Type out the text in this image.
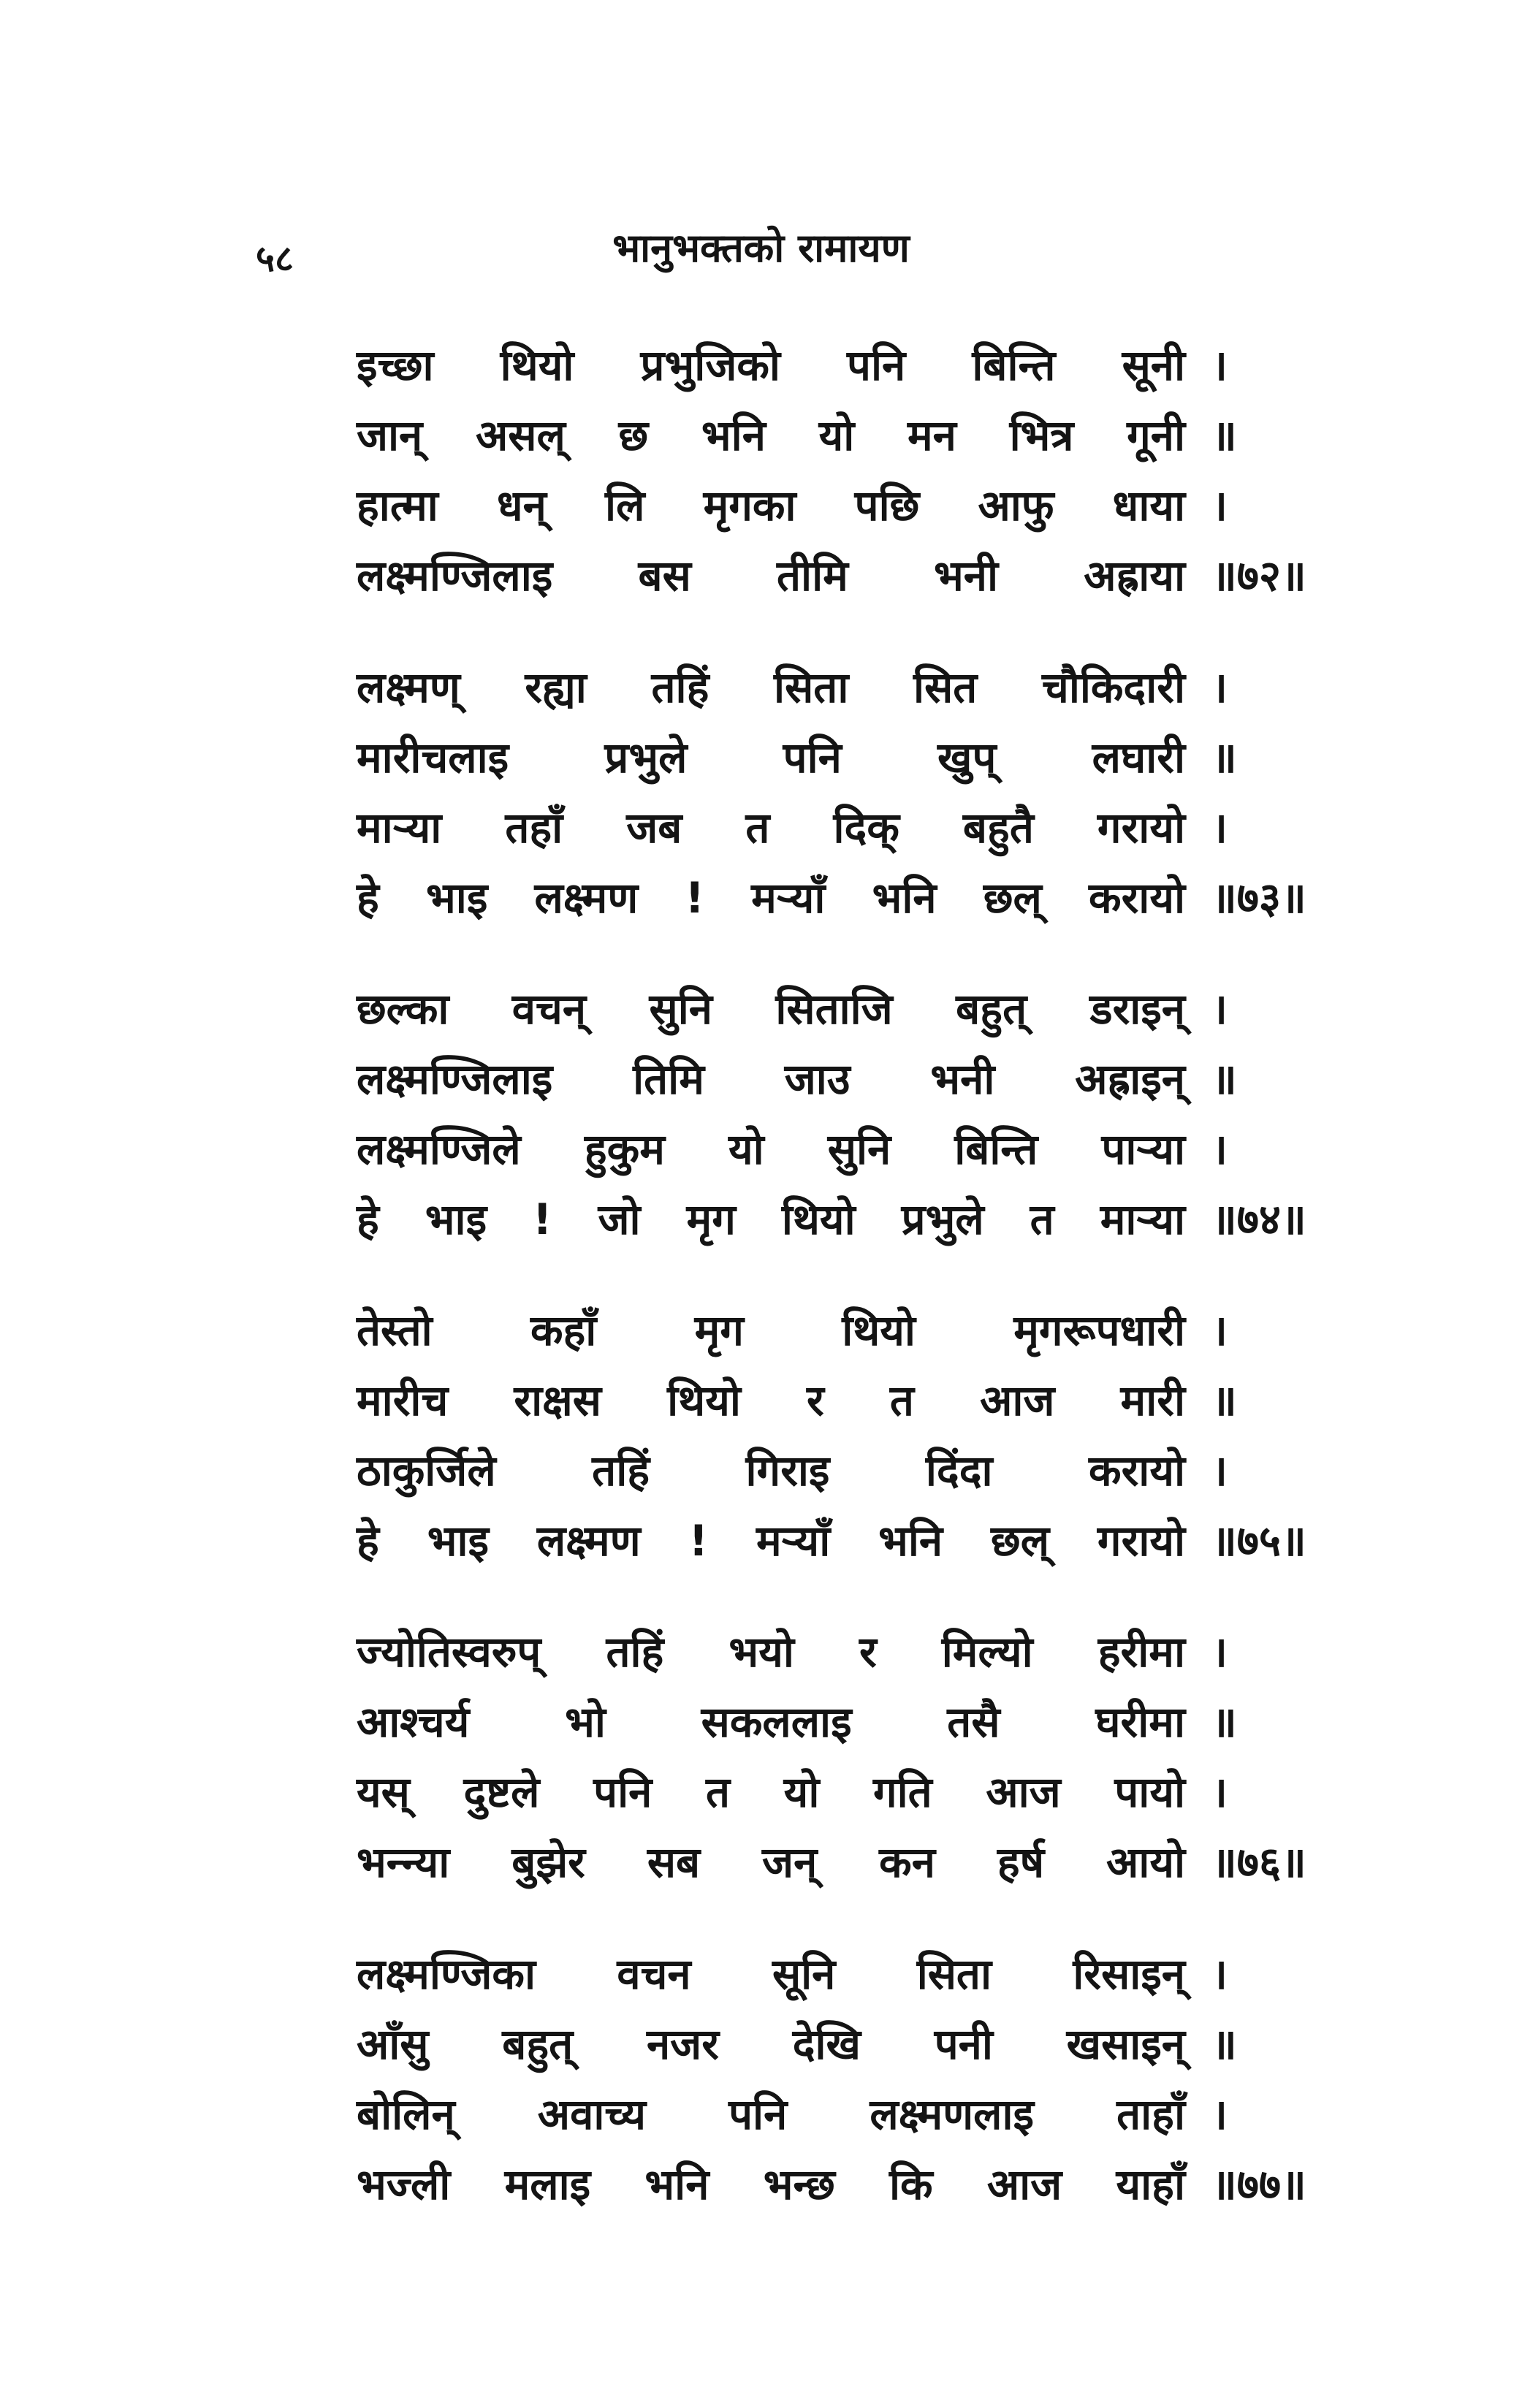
५८	भानुभक्तको रामायण
इच्छा थियो प्रभुजिको पनि बिन्ति सूनी ।
जान् असल् छ भनि यो मन भित्र गूनी ॥
हात्मा धन् लि मृगका पछि आफु धाया ।
लक्ष्मण्जिलाइ बस तीमि भनी अह्राया ॥७२॥
लक्ष्मण् रह्या तहिं सिता सित चौकिदारी ।
मारीचलाइ प्रभुले पनि खुप् लघारी ॥
मार्‍या तहाँ जब त दिक् बहुतै गरायो ।
हे भाइ लक्ष्मण ! मर्‍याँ भनि छल् करायो ॥७३॥
छल्का वचन् सुनि सिताजि बहुत् डराइन् ।
लक्ष्मण्जिलाइ तिमि जाउ भनी अह्राइन् ॥
लक्ष्मण्जिले हुकुम यो सुनि बिन्ति पार्‍या ।
हे भाइ ! जो मृग थियो प्रभुले त मार्‍या ॥७४॥
तेस्तो कहाँ मृग थियो मृगरूपधारी ।
मारीच राक्षस थियो र त आज मारी ॥
ठाकुर्जिले तहिं गिराइ दिंदा करायो ।
हे भाइ लक्ष्मण ! मर्‍याँ भनि छल् गरायो ॥७५॥
ज्योतिस्वरुप् तहिं भयो र मिल्यो हरीमा ।
आश्चर्य भो सकललाइ तसै घरीमा ॥
यस् दुष्टले पनि त यो गति आज पायो ।
भन्न्या बुझेर सब जन् कन हर्ष आयो ॥७६॥
लक्ष्मण्जिका वचन सूनि सिता रिसाइन् ।
आँसु बहुत् नजर देखि पनी खसाइन् ॥
बोलिन् अवाच्य पनि लक्ष्मणलाइ ताहाँ ।
भज्ली मलाइ भनि भन्छ कि आज याहाँ ॥७७॥
